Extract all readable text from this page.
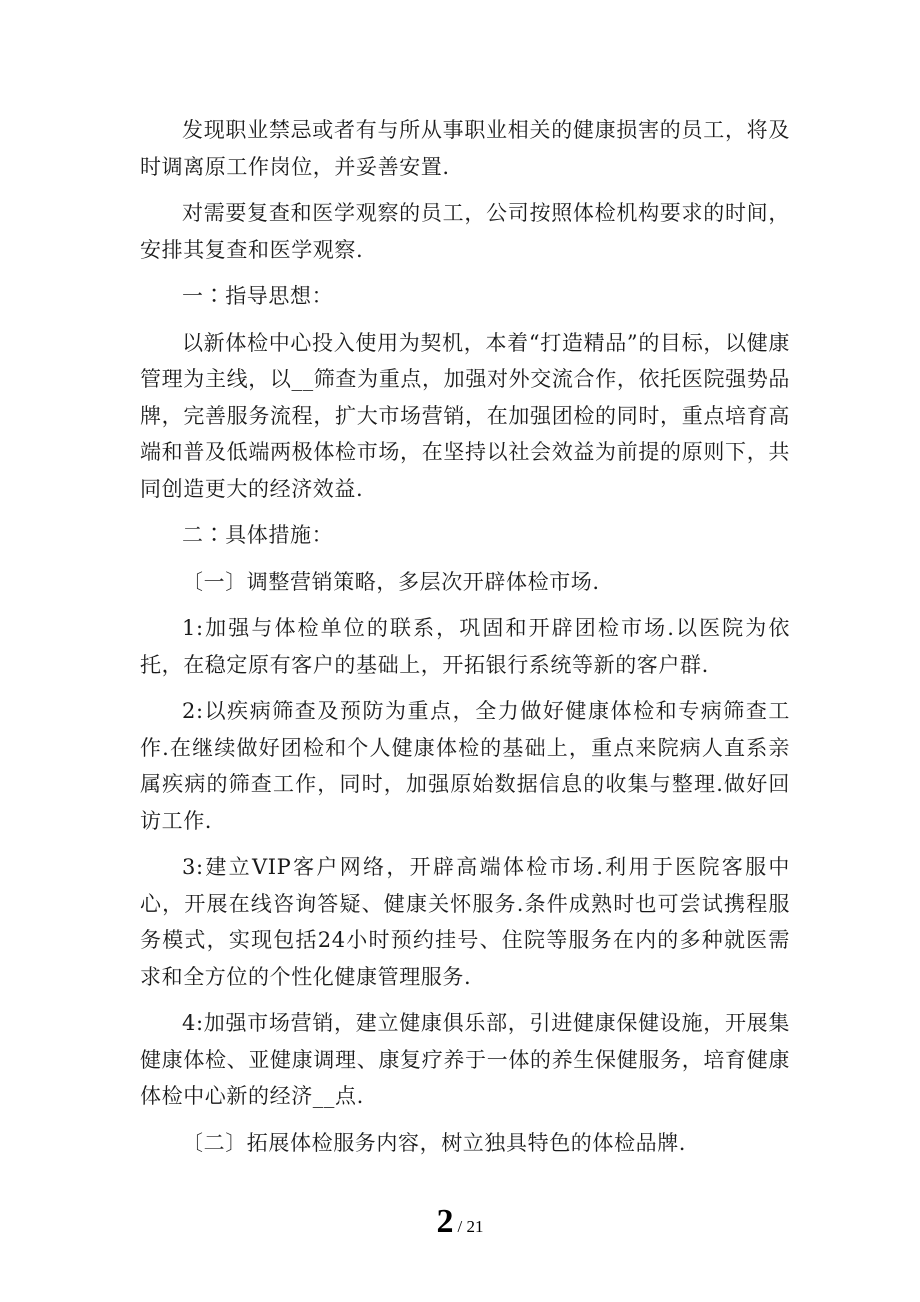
发现职业禁忌或者有与所从事职业相关的健康损害的员工，将及时调离原工作岗位，并妥善安置.

对需要复查和医学观察的员工，公司按照体检机构要求的时间，安排其复查和医学观察.

一∶指导思想：

以新体检中心投入使用为契机，本着“打造精品”的目标，以健康管理为主线，以__筛查为重点，加强对外交流合作，依托医院强势品牌，完善服务流程，扩大市场营销，在加强团检的同时，重点培育高端和普及低端两极体检市场，在坚持以社会效益为前提的原则下，共同创造更大的经济效益.

二∶具体措施：

〔一〕调整营销策略，多层次开辟体检市场.

1:加强与体检单位的联系，巩固和开辟团检市场.以医院为依托，在稳定原有客户的基础上，开拓银行系统等新的客户群.

2:以疾病筛查及预防为重点，全力做好健康体检和专病筛查工作.在继续做好团检和个人健康体检的基础上，重点来院病人直系亲属疾病的筛查工作，同时，加强原始数据信息的收集与整理.做好回访工作.

3:建立VIP客户网络，开辟高端体检市场.利用于医院客服中心，开展在线咨询答疑、健康关怀服务.条件成熟时也可尝试携程服务模式，实现包括24小时预约挂号、住院等服务在内的多种就医需求和全方位的个性化健康管理服务.

4:加强市场营销，建立健康俱乐部，引进健康保健设施，开展集健康体检、亚健康调理、康复疗养于一体的养生保健服务，培育健康体检中心新的经济__点.

〔二〕拓展体检服务内容，树立独具特色的体检品牌.

2 / 21
